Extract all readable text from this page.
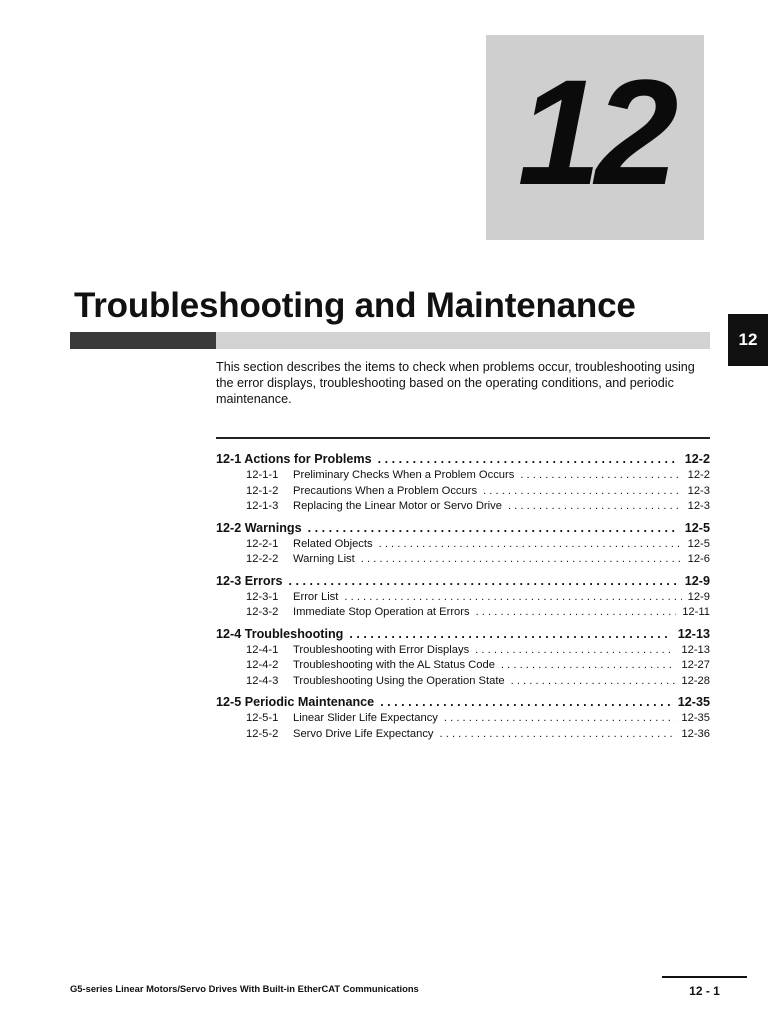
12
12
Troubleshooting and Maintenance

This section describes the items to check when problems occur, troubleshooting using the error displays, troubleshooting based on the operating conditions, and periodic maintenance.

12-1 Actions for Problems . . .	12-2
12-1-1	Preliminary Checks When a Problem Occurs . . .	12-2
12-1-2	Precautions When a Problem Occurs . . .	12-3
12-1-3	Replacing the Linear Motor or Servo Drive . . .	12-3
12-2 Warnings . . .	12-5
12-2-1	Related Objects . . .	12-5
12-2-2	Warning List . . .	12-6
12-3 Errors . . .	12-9
12-3-1	Error List . . .	12-9
12-3-2	Immediate Stop Operation at Errors . . .	12-11
12-4 Troubleshooting . . .	12-13
12-4-1	Troubleshooting with Error Displays . . .	12-13
12-4-2	Troubleshooting with the AL Status Code . . .	12-27
12-4-3	Troubleshooting Using the Operation State . . .	12-28
12-5 Periodic Maintenance . . .	12-35
12-5-1	Linear Slider Life Expectancy . . .	12-35
12-5-2	Servo Drive Life Expectancy . . .	12-36
G5-series Linear Motors/Servo Drives With Built-in EtherCAT Communications	12 - 1
